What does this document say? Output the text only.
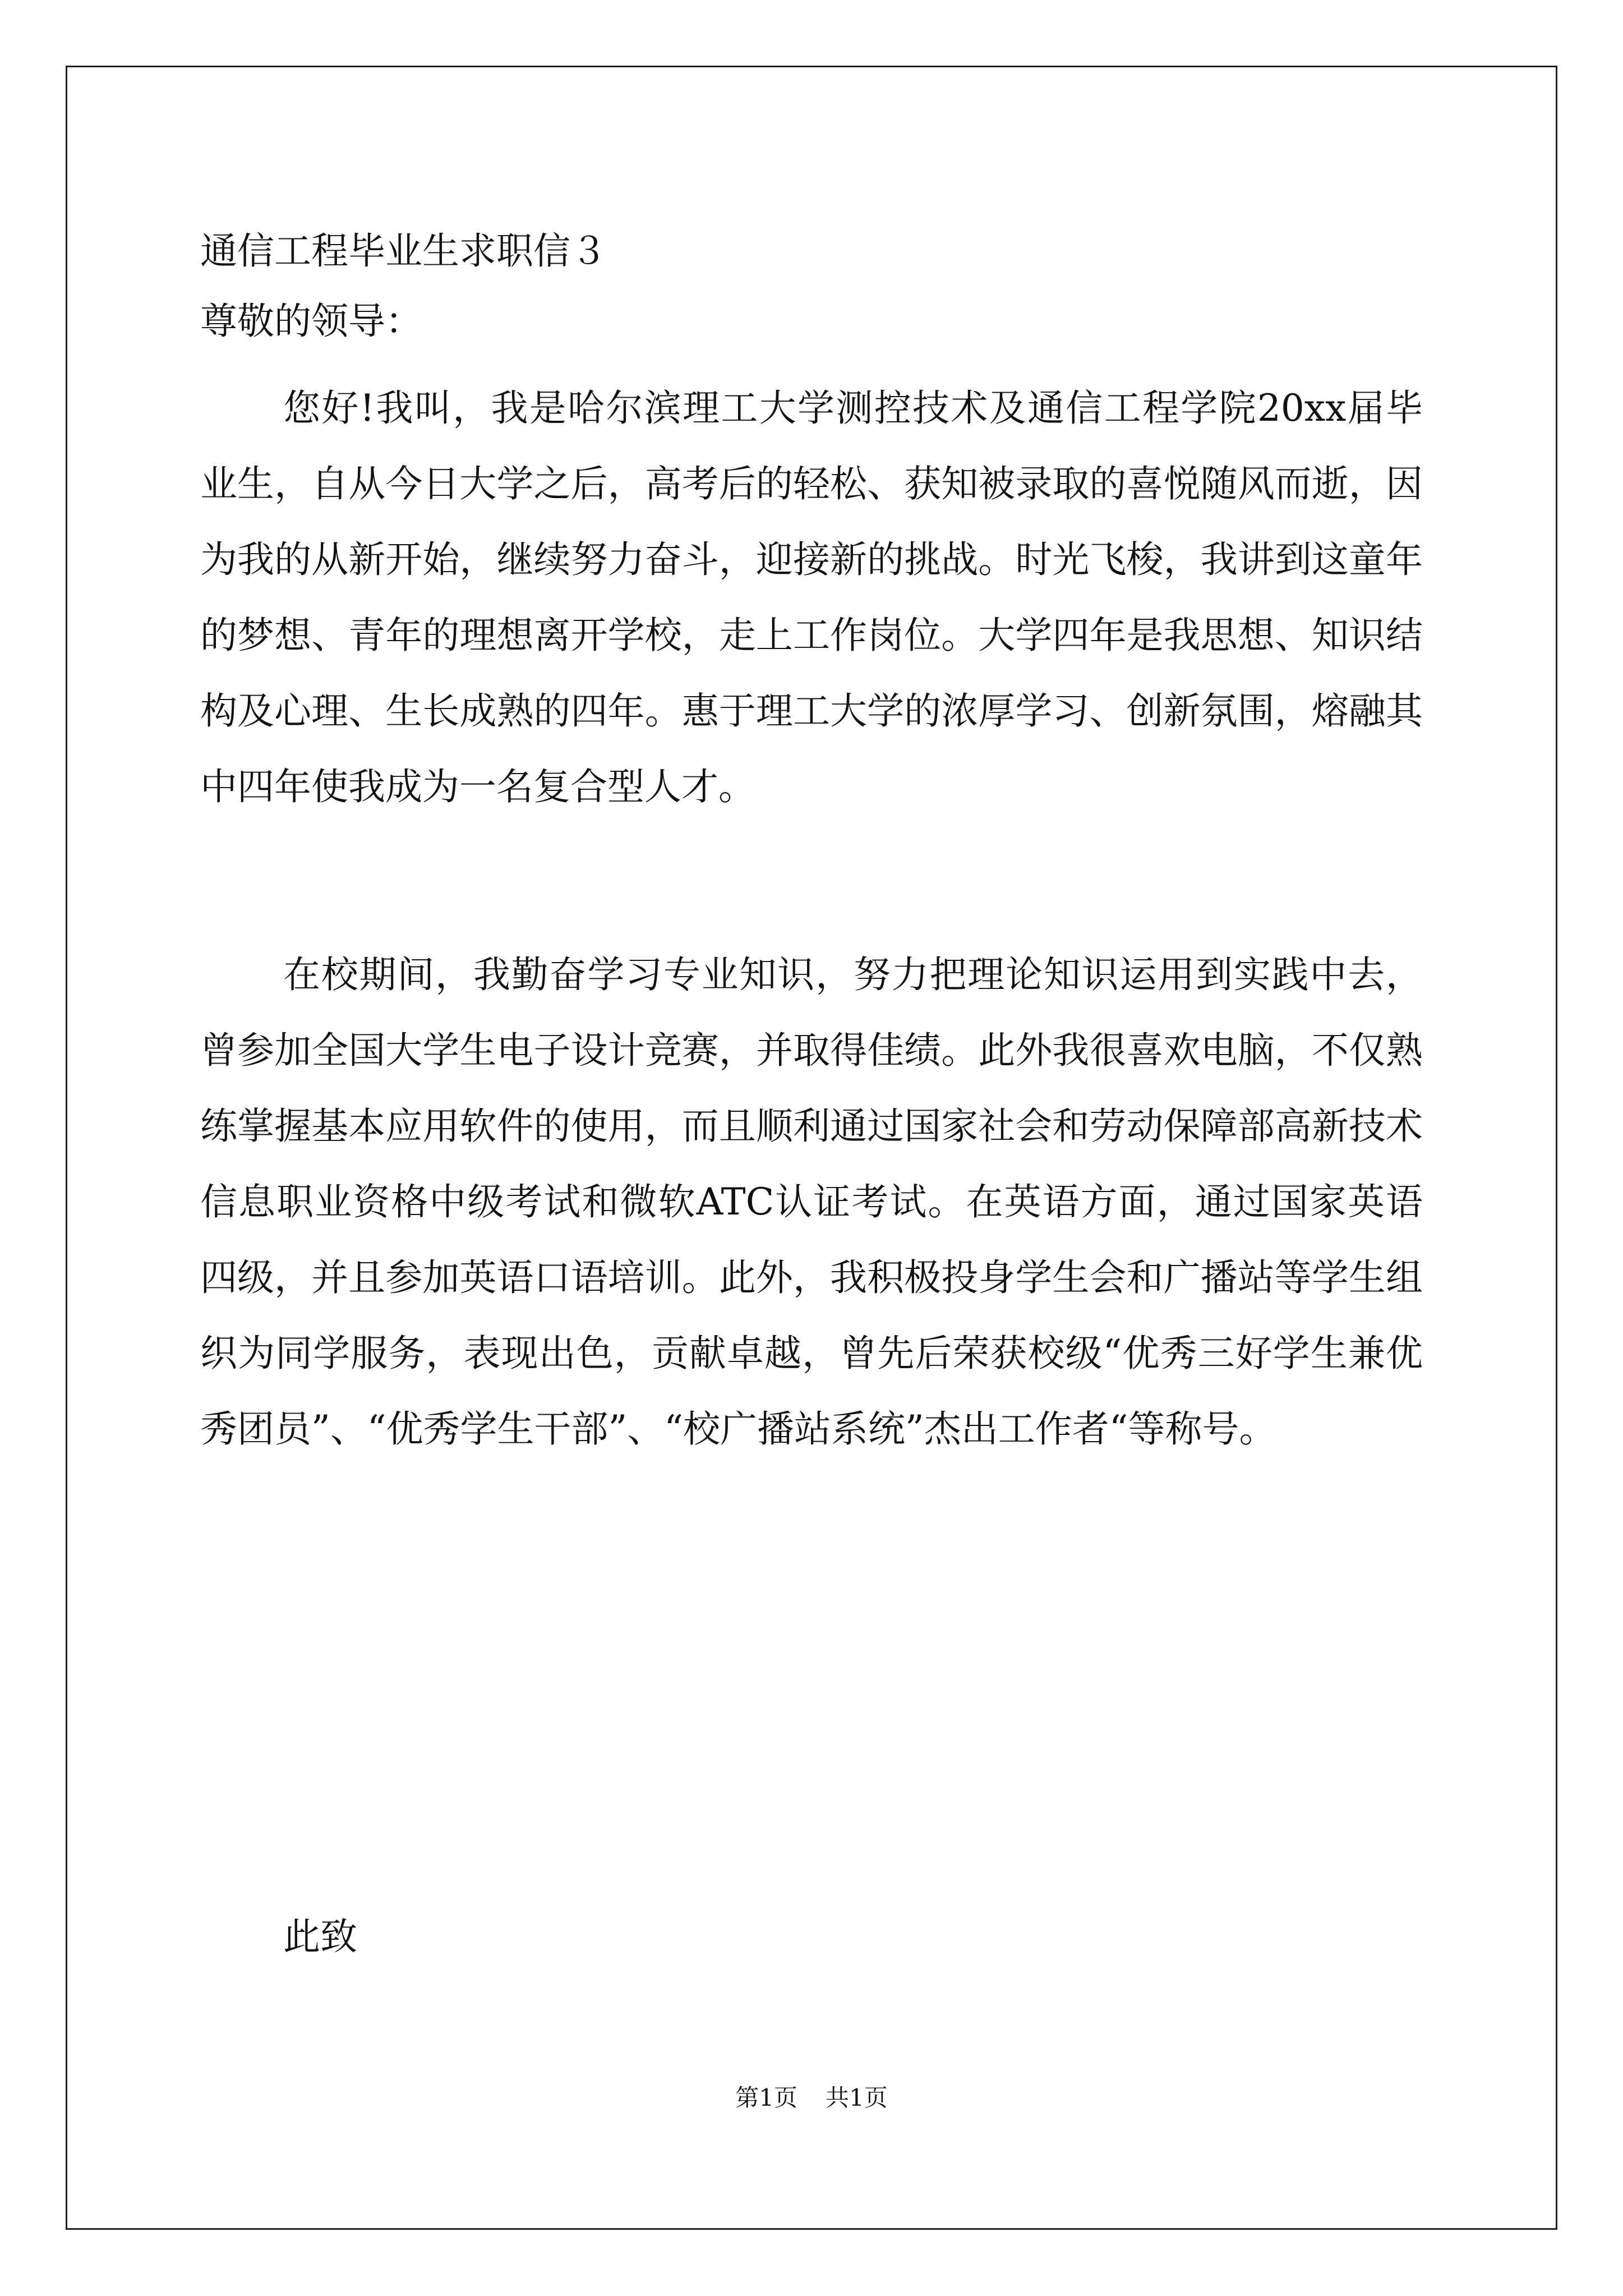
通信工程毕业生求职信３
尊敬的领导：

您好!我叫，我是哈尔滨理工大学测控技术及通信工程学院20xx届毕业生，自从今日大学之后，高考后的轻松、获知被录取的喜悦随风而逝，因为我的从新开始，继续努力奋斗，迎接新的挑战。时光飞梭，我讲到这童年的梦想、青年的理想离开学校，走上工作岗位。大学四年是我思想、知识结构及心理、生长成熟的四年。惠于理工大学的浓厚学习、创新氛围，熔融其中四年使我成为一名复合型人才。

在校期间，我勤奋学习专业知识，努力把理论知识运用到实践中去，曾参加全国大学生电子设计竞赛，并取得佳绩。此外我很喜欢电脑，不仅熟练掌握基本应用软件的使用，而且顺利通过国家社会和劳动保障部高新技术信息职业资格中级考试和微软ATC认证考试。在英语方面，通过国家英语四级，并且参加英语口语培训。此外，我积极投身学生会和广播站等学生组织为同学服务，表现出色，贡献卓越，曾先后荣获校级“优秀三好学生兼优秀团员”、“优秀学生干部”、“校广播站系统”杰出工作者“等称号。

此致
第1页 共1页
